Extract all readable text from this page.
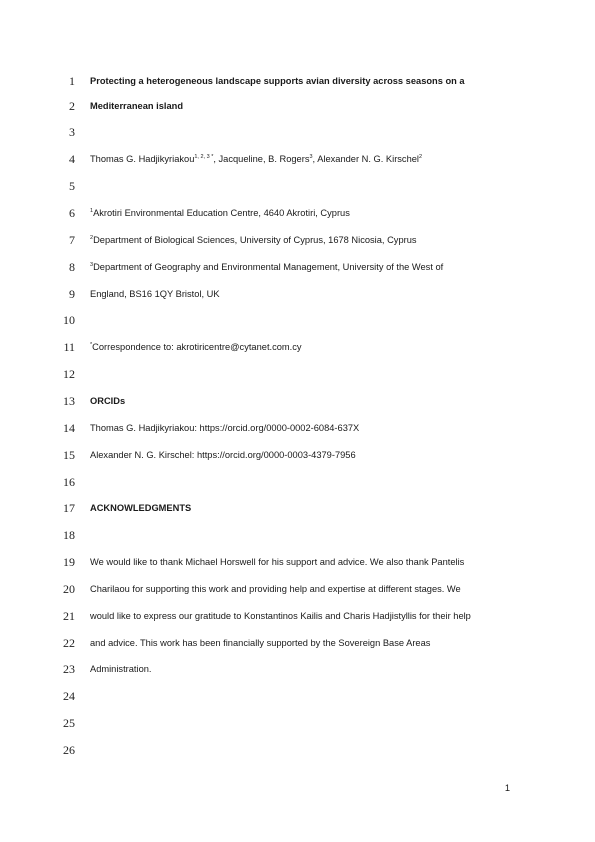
1
2
3
4
5
6
7
8
9
10
11
12
13
14
15
16
17
18
19
20
21
22
23
24
25
26
Protecting a heterogeneous landscape supports avian diversity across seasons on a
Mediterranean island
Thomas G. Hadjikyriakou$^{1, 2, 3 *}$, Jacqueline, B. Rogers$^3$, Alexander N. G. Kirschel$^2$
$^1$Akrotiri Environmental Education Centre, 4640 Akrotiri, Cyprus
$^2$Department of Biological Sciences, University of Cyprus, 1678 Nicosia, Cyprus
$^3$Department of Geography and Environmental Management, University of the West of
England, BS16 1QY Bristol, UK
*Correspondence to: akrotiricentre@cytanet.com.cy
ORCIDs
Thomas G. Hadjikyriakou: https://orcid.org/0000-0002-6084-637X
Alexander N. G. Kirschel: https://orcid.org/0000-0003-4379-7956
ACKNOWLEDGMENTS
We would like to thank Michael Horswell for his support and advice. We also thank Pantelis
Charilaou for supporting this work and providing help and expertise at different stages. We
would like to express our gratitude to Konstantinos Kailis and Charis Hadjistyllis for their help
and advice. This work has been financially supported by the Sovereign Base Areas
Administration.
1
